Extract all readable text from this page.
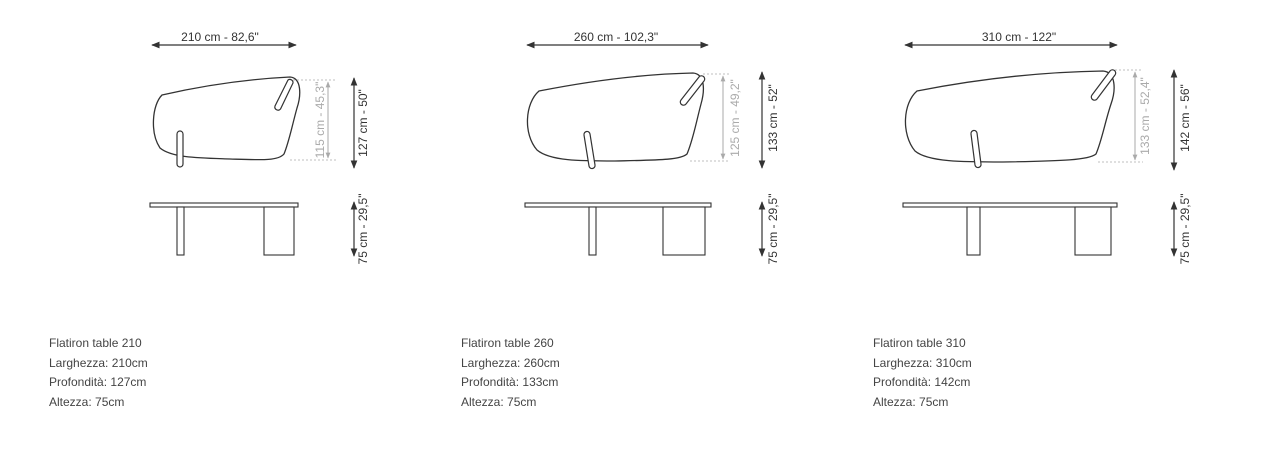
210 cm - 82,6"
115 cm - 45,3" 127 cm - 50"
75 cm - 29,5"
260 cm - 102,3"
125 cm - 49,2" 133 cm - 52"
75 cm - 29,5"
310 cm - 122"
133 cm - 52,4" 142 cm - 56"
75 cm - 29,5"
Flatiron table 210
Larghezza: 210cm
Profondità: 127cm
Altezza: 75cm
Flatiron table 260
Larghezza: 260cm
Profondità: 133cm
Altezza: 75cm
Flatiron table 310
Larghezza: 310cm
Profondità: 142cm
Altezza: 75cm
